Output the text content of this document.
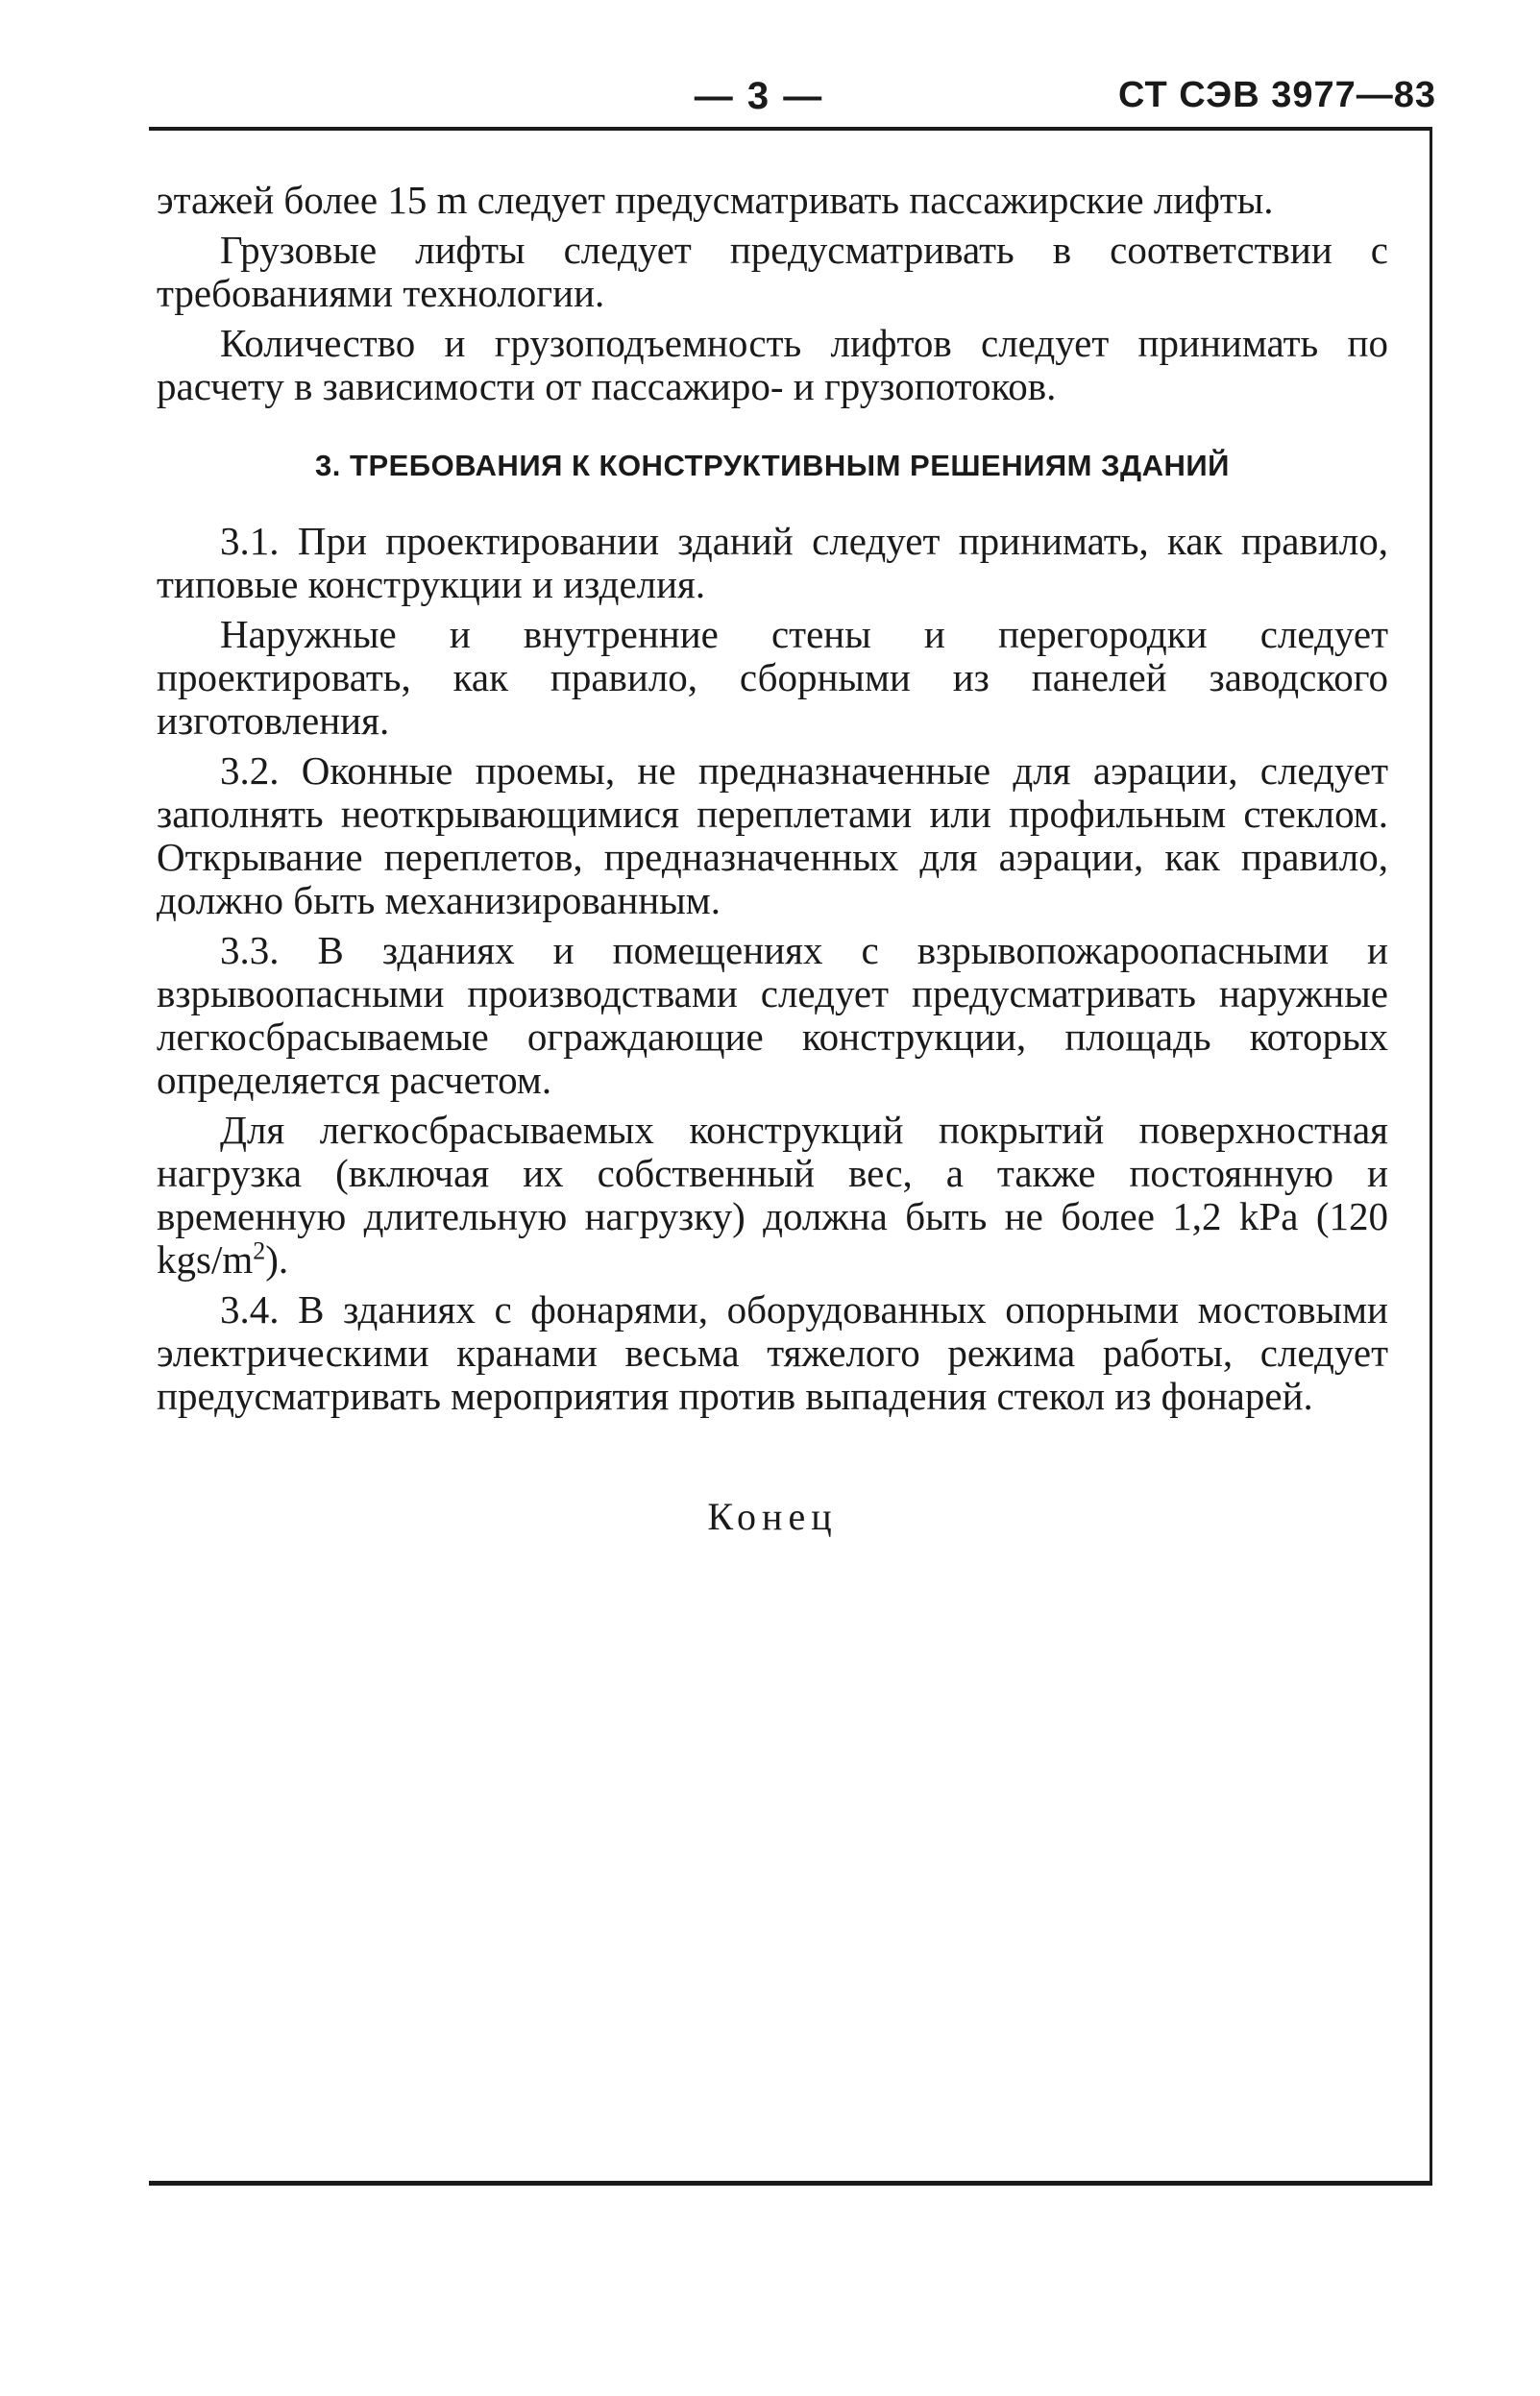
— 3 —	СТ СЭВ 3977—83

этажей более 15 m следует предусматривать пассажирские лифты.

Грузовые лифты следует предусматривать в соответствии с требованиями технологии.

Количество и грузоподъемность лифтов следует принимать по расчету в зависимости от пассажиро- и грузопотоков.

3. ТРЕБОВАНИЯ К КОНСТРУКТИВНЫМ РЕШЕНИЯМ ЗДАНИЙ

3.1. При проектировании зданий следует принимать, как правило, типовые конструкции и изделия.

Наружные и внутренние стены и перегородки следует проектировать, как правило, сборными из панелей заводского изготовления.

3.2. Оконные проемы, не предназначенные для аэрации, следует заполнять неоткрывающимися переплетами или профильным стеклом. Открывание переплетов, предназначенных для аэрации, как правило, должно быть механизированным.

3.3. В зданиях и помещениях с взрывопожароопасными и взрывоопасными производствами следует предусматривать наружные легкосбрасываемые ограждающие конструкции, площадь которых определяется расчетом.

Для легкосбрасываемых конструкций покрытий поверхностная нагрузка (включая их собственный вес, а также постоянную и временную длительную нагрузку) должна быть не более 1,2 kPa (120 kgs/$m^2$).

3.4. В зданиях с фонарями, оборудованных опорными мостовыми электрическими кранами весьма тяжелого режима работы, следует предусматривать мероприятия против выпадения стекол из фонарей.

Конец
